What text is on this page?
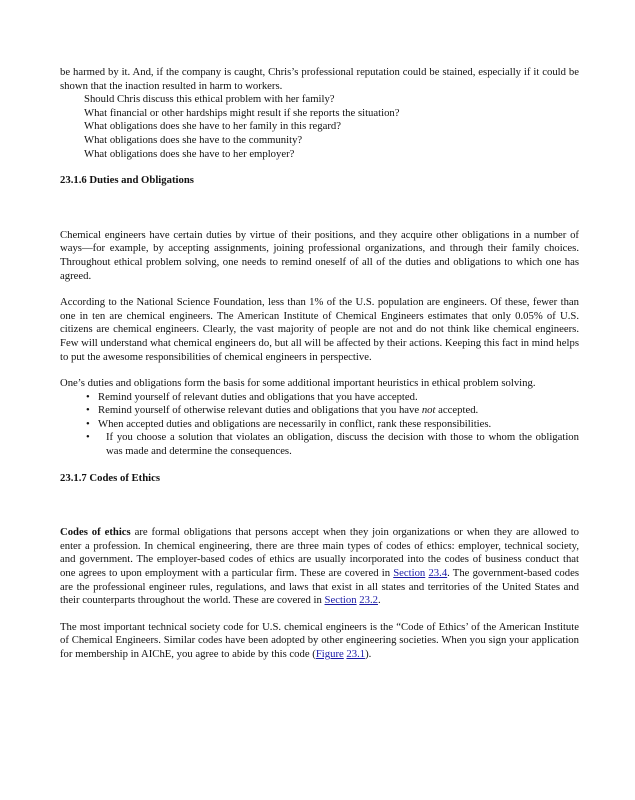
be harmed by it. And, if the company is caught, Chris’s professional reputation could be stained, especially if it could be shown that the inaction resulted in harm to workers.

Should Chris discuss this ethical problem with her family?

What financial or other hardships might result if she reports the situation?

What obligations does she have to her family in this regard?

What obligations does she have to the community?

What obligations does she have to her employer?

23.1.6 Duties and Obligations

Chemical engineers have certain duties by virtue of their positions, and they acquire other obligations in a number of ways—for example, by accepting assignments, joining professional organizations, and through their family choices. Throughout ethical problem solving, one needs to remind oneself of all of the duties and obligations to which one has agreed.

According to the National Science Foundation, less than 1% of the U.S. population are engineers. Of these, fewer than one in ten are chemical engineers. The American Institute of Chemical Engineers estimates that only 0.05% of U.S. citizens are chemical engineers. Clearly, the vast majority of people are not and do not think like chemical engineers. Few will understand what chemical engineers do, but all will be affected by their actions. Keeping this fact in mind helps to put the awesome responsibilities of chemical engineers in perspective.

One’s duties and obligations form the basis for some additional important heuristics in ethical problem solving.

• Remind yourself of relevant duties and obligations that you have accepted.
• Remind yourself of otherwise relevant duties and obligations that you have not accepted.
• When accepted duties and obligations are necessarily in conflict, rank these responsibilities.
• If you choose a solution that violates an obligation, discuss the decision with those to whom the obligation was made and determine the consequences.
23.1.7 Codes of Ethics

Codes of ethics are formal obligations that persons accept when they join organizations or when they are allowed to enter a profession. In chemical engineering, there are three main types of codes of ethics: employer, technical society, and government. The employer-based codes of ethics are usually incorporated into the codes of business conduct that one agrees to upon employment with a particular firm. These are covered in Section 23.4. The government-based codes are the professional engineer rules, regulations, and laws that exist in all states and territories of the United States and their counterparts throughout the world. These are covered in Section 23.2.

The most important technical society code for U.S. chemical engineers is the “Code of Ethics’ of the American Institute of Chemical Engineers. Similar codes have been adopted by other engineering societies. When you sign your application for membership in AIChE, you agree to abide by this code (Figure 23.1).
